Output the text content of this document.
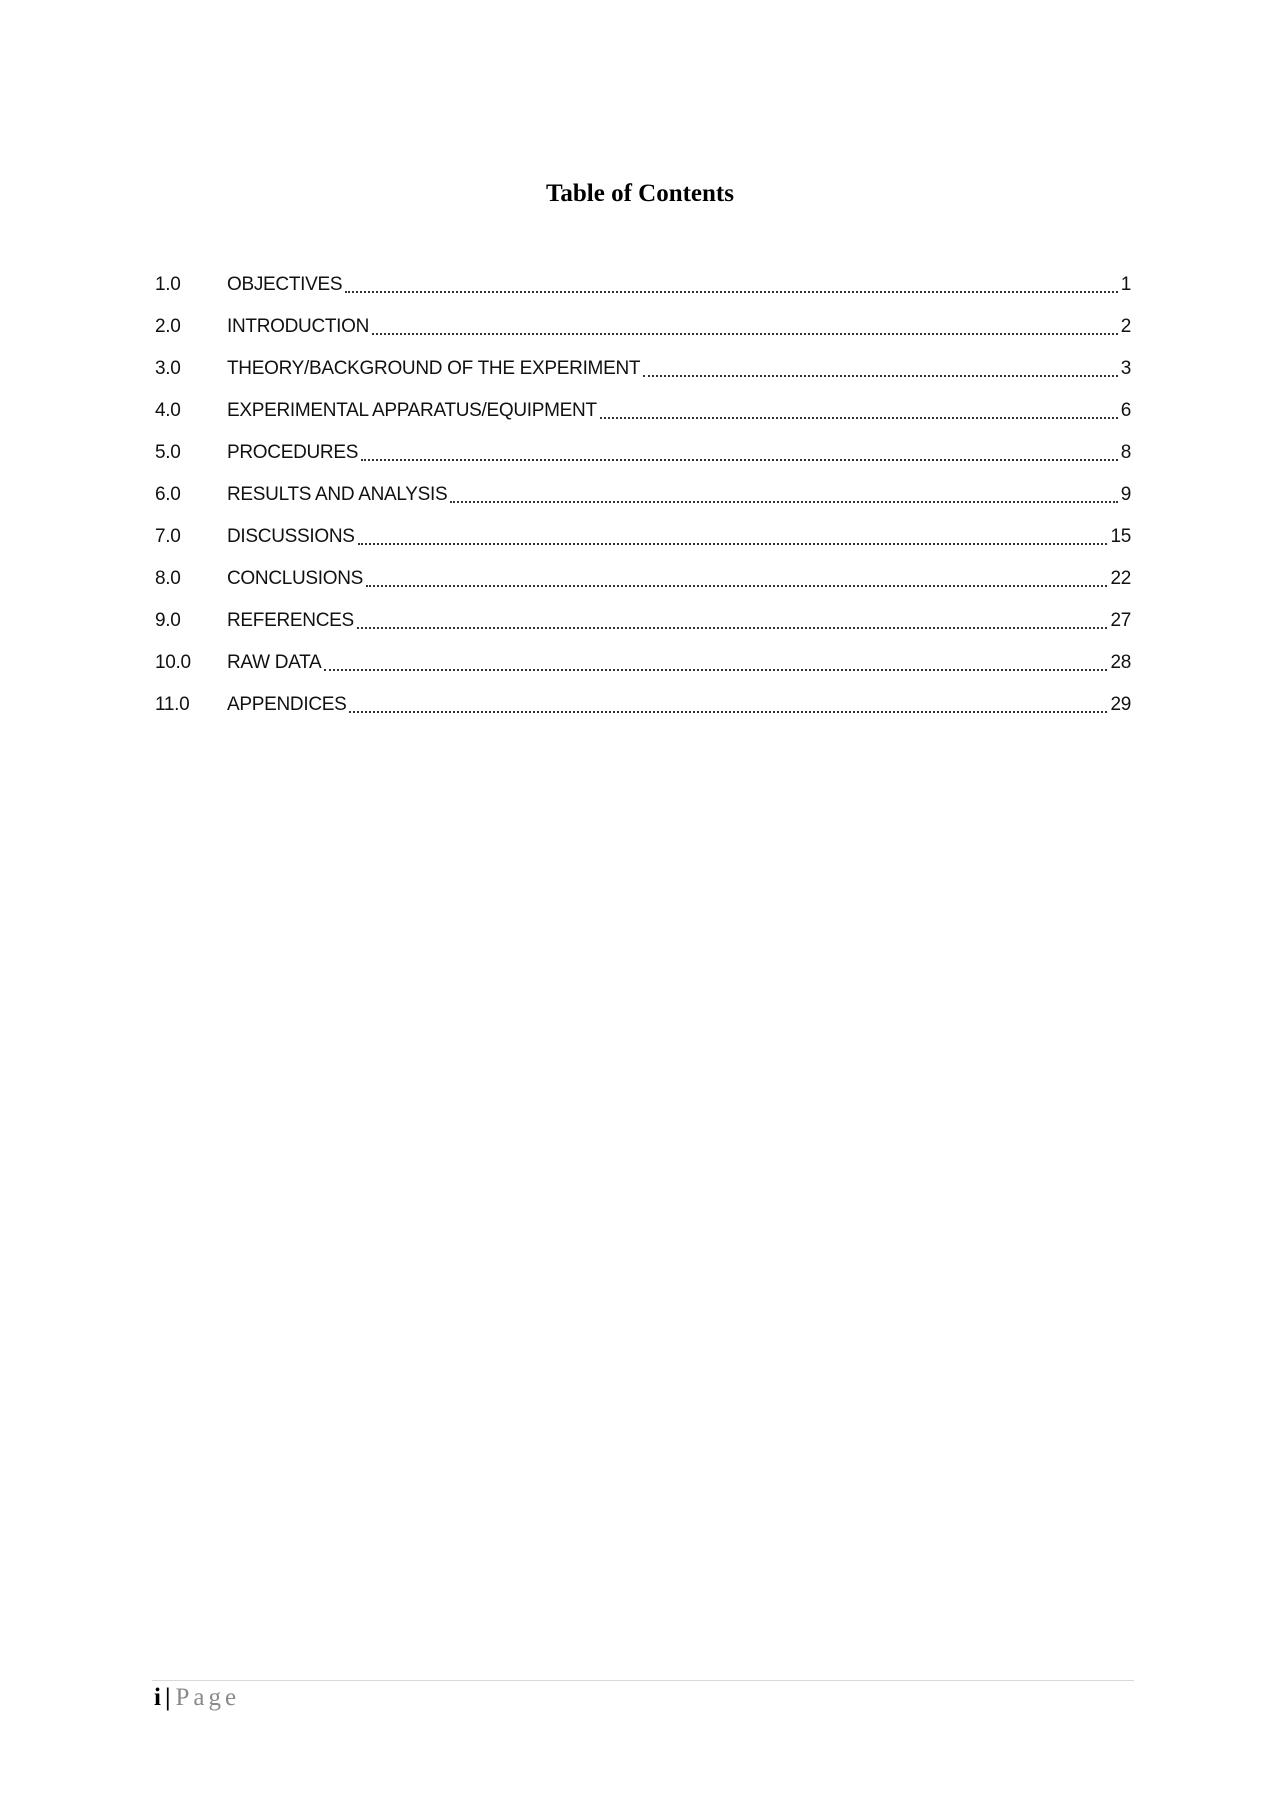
Table of Contents
1.0	OBJECTIVES	1
2.0	INTRODUCTION	2
3.0	THEORY/BACKGROUND OF THE EXPERIMENT	3
4.0	EXPERIMENTAL APPARATUS/EQUIPMENT	6
5.0	PROCEDURES	8
6.0	RESULTS AND ANALYSIS	9
7.0	DISCUSSIONS	15
8.0	CONCLUSIONS	22
9.0	REFERENCES	27
10.0	RAW DATA	28
11.0	APPENDICES	29
i | Page
